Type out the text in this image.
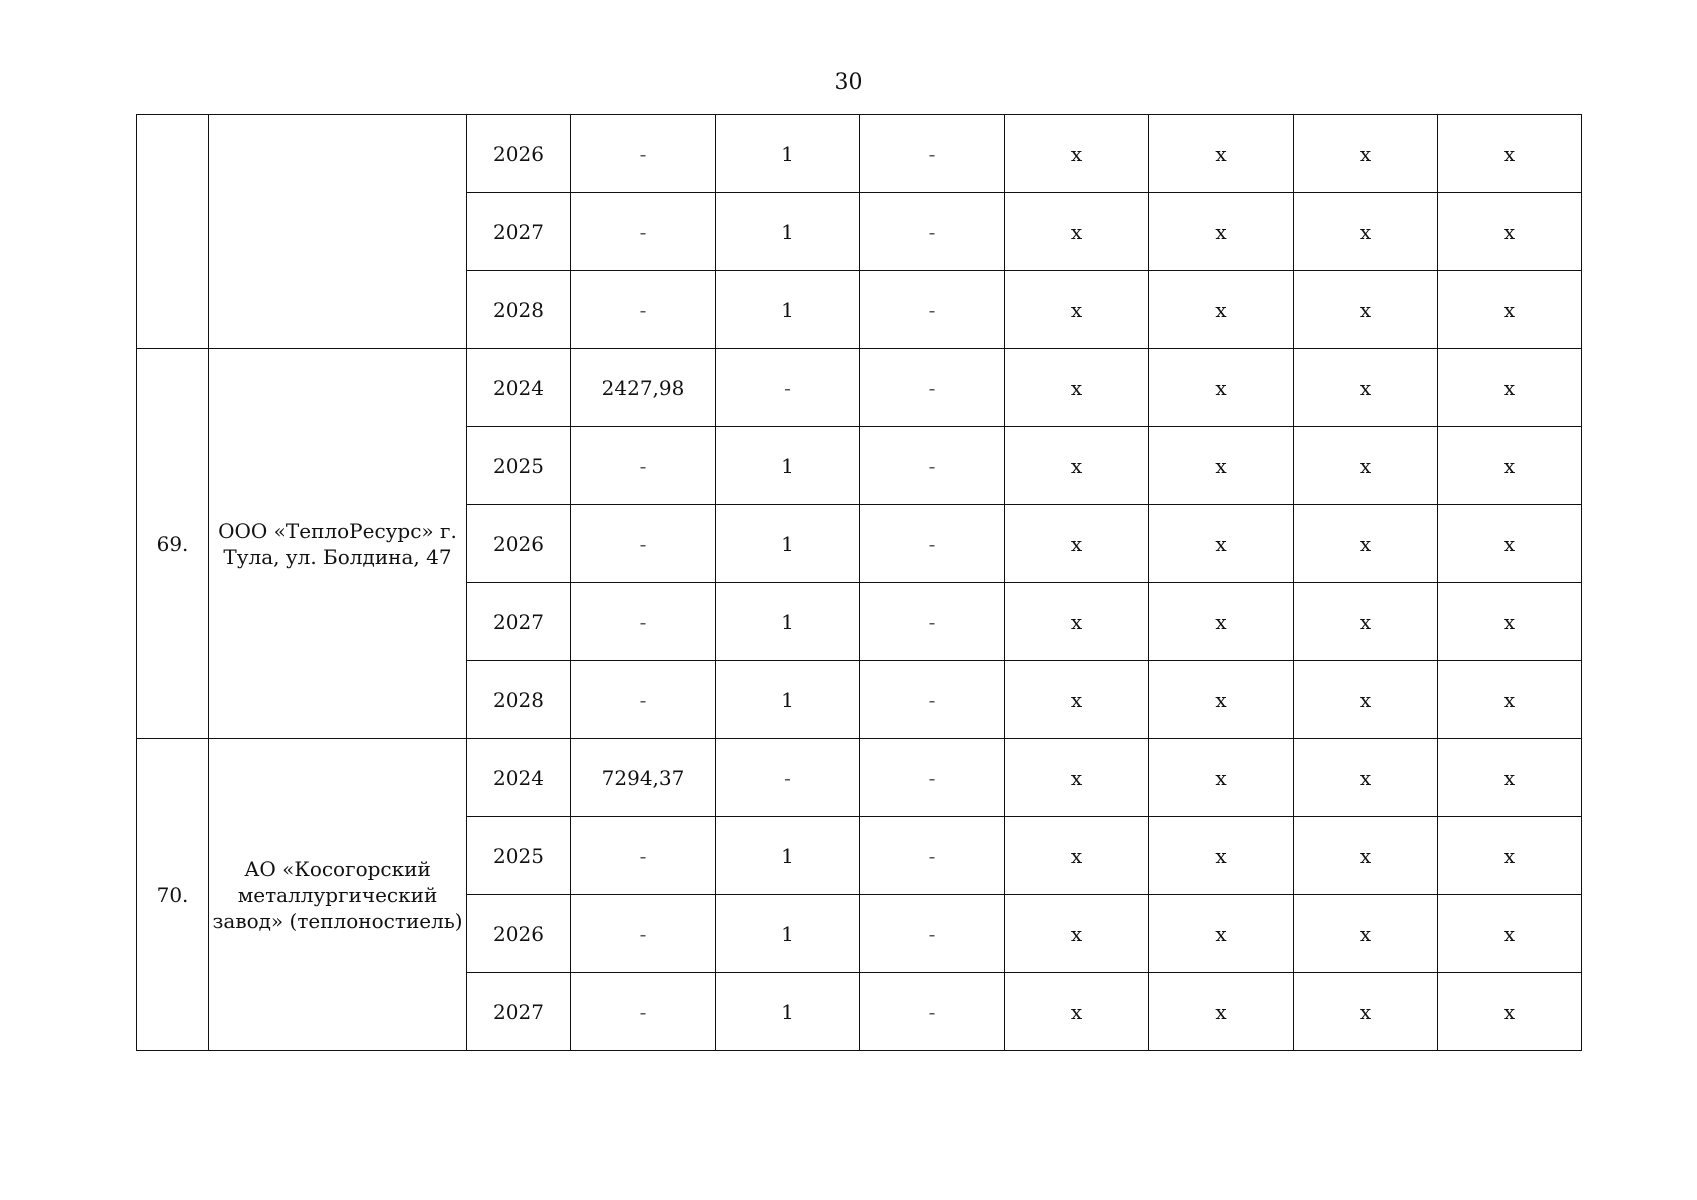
30
		2026	-	1	-	x	x	x	x
		2027	-	1	-	x	x	x	x
		2028	-	1	-	x	x	x	x
69.	ООО «ТеплоРесурс» г. Тула, ул. Болдина, 47	2024	2427,98	-	-	x	x	x	x
		2025	-	1	-	x	x	x	x
		2026	-	1	-	x	x	x	x
		2027	-	1	-	x	x	x	x
		2028	-	1	-	x	x	x	x
70.	АО «Косогорский металлургический завод» (теплоностиель)	2024	7294,37	-	-	x	x	x	x
		2025	-	1	-	x	x	x	x
		2026	-	1	-	x	x	x	x
		2027	-	1	-	x	x	x	x
